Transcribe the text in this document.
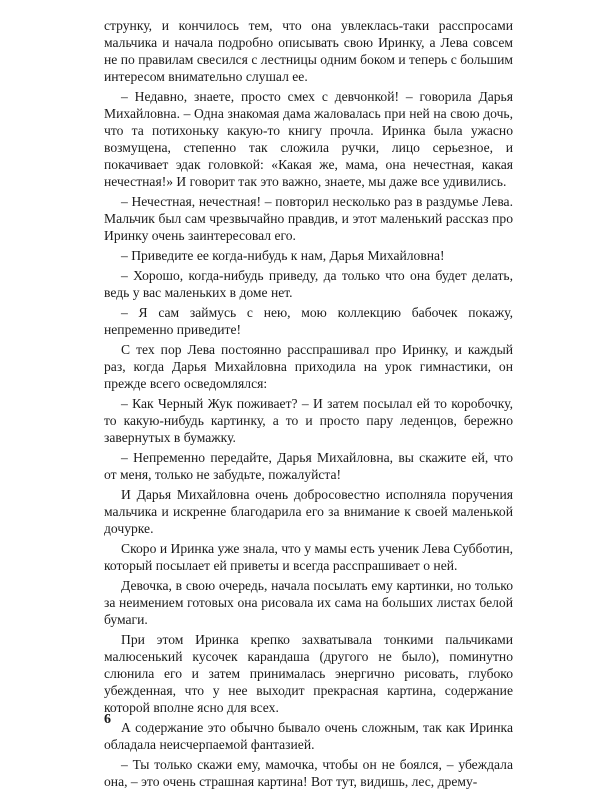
струнку, и кончилось тем, что она увлеклась-таки расспросами мальчика и начала подробно описывать свою Иринку, а Лева совсем не по правилам свесился с лестницы одним боком и теперь с большим интересом внимательно слушал ее.

– Недавно, знаете, просто смех с девчонкой! – говорила Дарья Михайловна. – Одна знакомая дама жаловалась при ней на свою дочь, что та потихоньку какую-то книгу прочла. Иринка была ужасно возмущена, степенно так сложила ручки, лицо серьезное, и покачивает эдак головкой: «Какая же, мама, она нечестная, какая нечестная!» И говорит так это важно, знаете, мы даже все удивились.

– Нечестная, нечестная! – повторил несколько раз в раздумье Лева. Мальчик был сам чрезвычайно правдив, и этот маленький рассказ про Иринку очень заинтересовал его.

– Приведите ее когда-нибудь к нам, Дарья Михайловна!

– Хорошо, когда-нибудь приведу, да только что она будет делать, ведь у вас маленьких в доме нет.

– Я сам займусь с нею, мою коллекцию бабочек покажу, непременно приведите!

С тех пор Лева постоянно расспрашивал про Иринку, и каждый раз, когда Дарья Михайловна приходила на урок гимнастики, он прежде всего осведомлялся:

– Как Черный Жук поживает? – И затем посылал ей то коробочку, то какую-нибудь картинку, а то и просто пару леденцов, бережно завернутых в бумажку.

– Непременно передайте, Дарья Михайловна, вы скажите ей, что от меня, только не забудьте, пожалуйста!

И Дарья Михайловна очень добросовестно исполняла поручения мальчика и искренне благодарила его за внимание к своей маленькой дочурке.

Скоро и Иринка уже знала, что у мамы есть ученик Лева Субботин, который посылает ей приветы и всегда расспрашивает о ней.

Девочка, в свою очередь, начала посылать ему картинки, но только за неимением готовых она рисовала их сама на больших листах белой бумаги.

При этом Иринка крепко захватывала тонкими пальчиками малюсенький кусочек карандаша (другого не было), поминутно слюнила его и затем принималась энергично рисовать, глубоко убежденная, что у нее выходит прекрасная картина, содержание которой вполне ясно для всех.

А содержание это обычно бывало очень сложным, так как Иринка обладала неисчерпаемой фантазией.

– Ты только скажи ему, мамочка, чтобы он не боялся, – убеждала она, – это очень страшная картина! Вот тут, видишь, лес, дрему-

6
